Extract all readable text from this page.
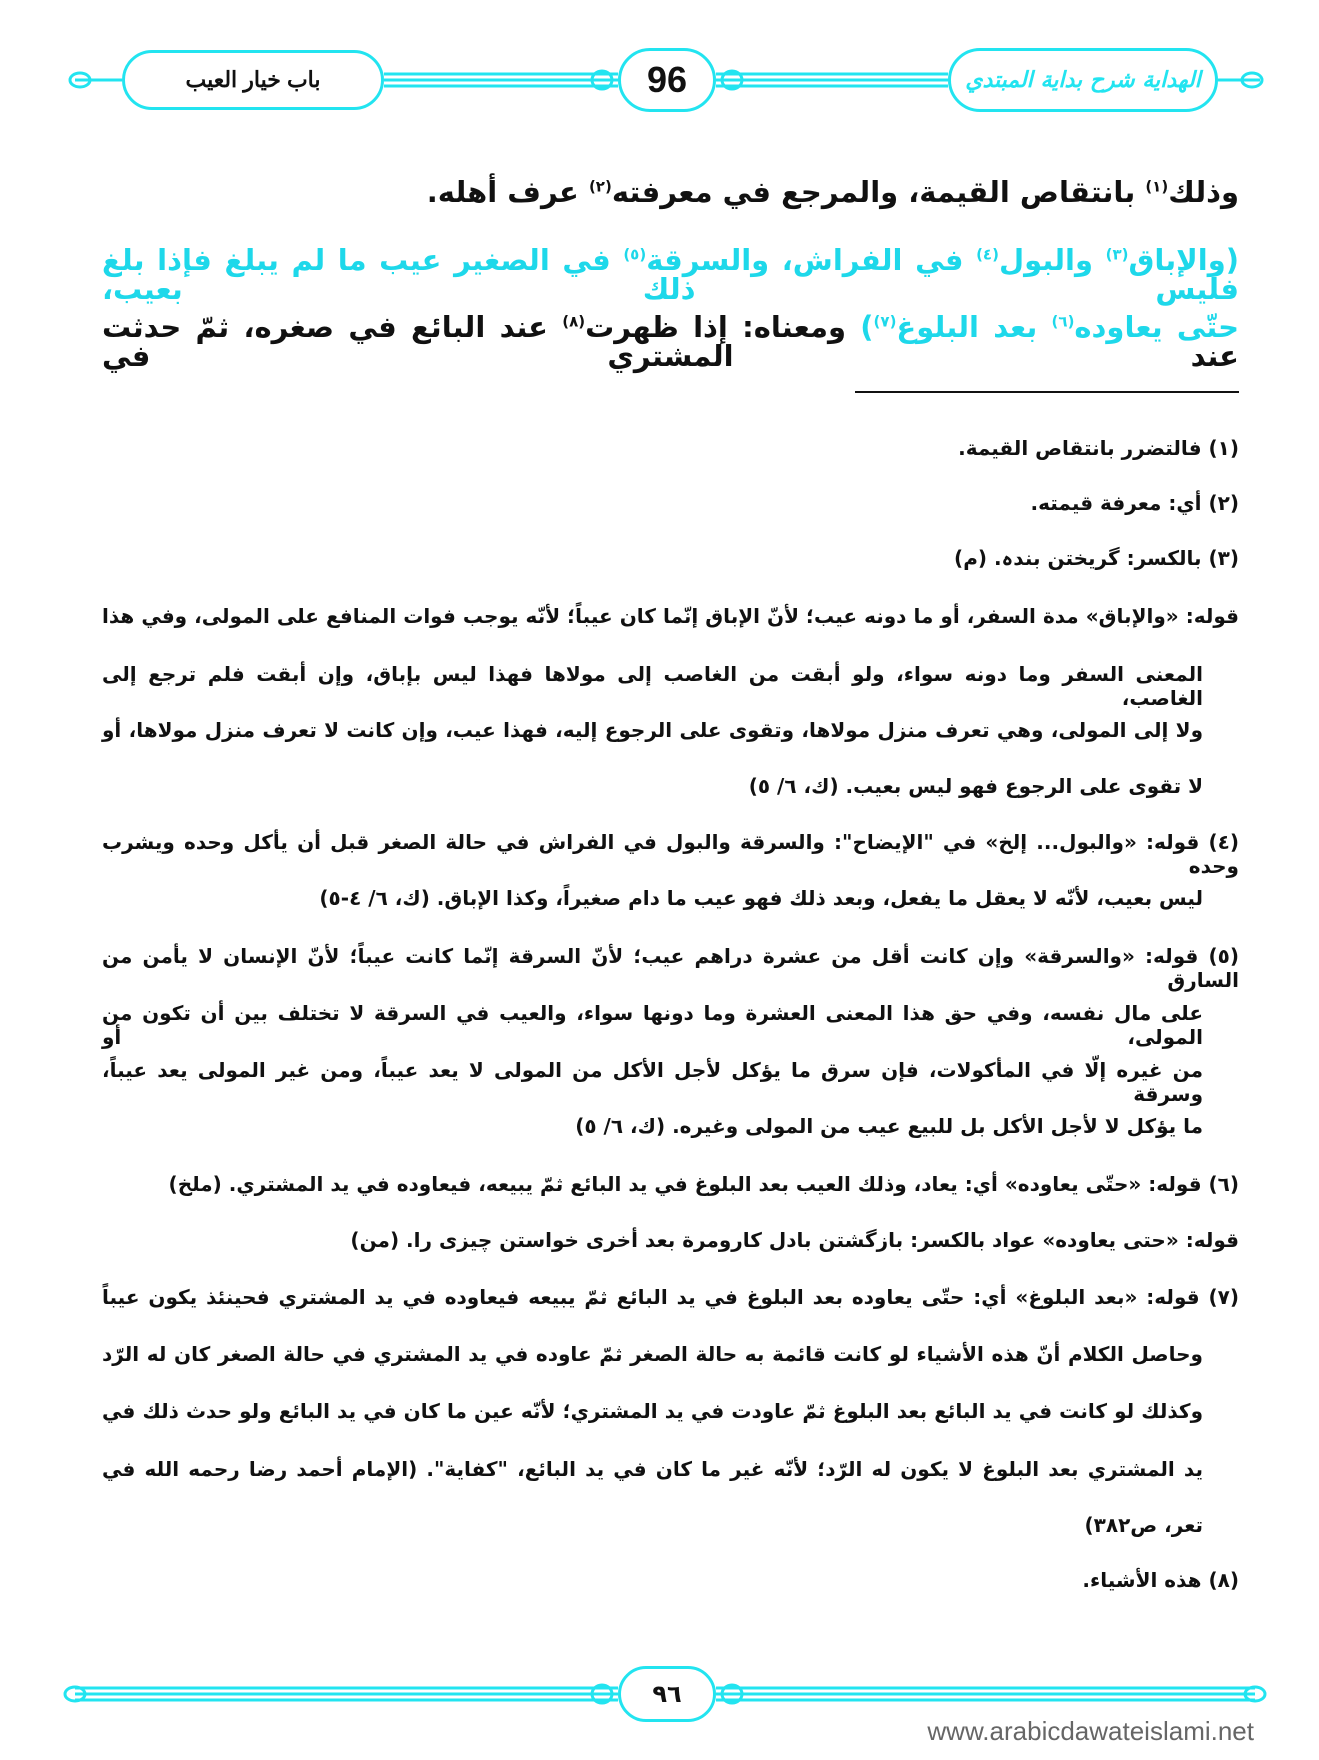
باب خيار العيب	96	الهداية شرح بداية المبتدي
وذلك$^{(١)}$ بانتقاص القيمة، والمرجع في معرفته$^{(٢)}$ عرف أهله.
(والإباق$^{(٣)}$ والبول$^{(٤)}$ في الفراش، والسرقة$^{(٥)}$ في الصغير عيب ما لم يبلغ فإذا بلغ فليس ذلك بعيب،
حتّى يعاوده$^{(٦)}$ بعد البلوغ$^{(٧)}$) ومعناه: إذا ظهرت$^{(٨)}$ عند البائع في صغره، ثمّ حدثت عند المشتري في
(١) فالتضرر بانتقاص القيمة.
(٢) أي: معرفة قيمته.
(٣) بالكسر: گريختن بندہ. (م)
قوله: «والإباق» مدة السفر، أو ما دونه عيب؛ لأنّ الإباق إنّما كان عيباً؛ لأنّه يوجب فوات المنافع على المولى، وفي هذا
المعنى السفر وما دونه سواء، ولو أبقت من الغاصب إلى مولاها فهذا ليس بإباق، وإن أبقت فلم ترجع إلى الغاصب،
ولا إلى المولى، وهي تعرف منزل مولاها، وتقوى على الرجوع إليه، فهذا عيب، وإن كانت لا تعرف منزل مولاها، أو
لا تقوى على الرجوع فهو ليس بعيب. (ك، ٦/ ٥)
(٤) قوله: «والبول... إلخ» في "الإيضاح": والسرقة والبول في الفراش في حالة الصغر قبل أن يأكل وحده ويشرب وحده
ليس بعيب، لأنّه لا يعقل ما يفعل، وبعد ذلك فهو عيب ما دام صغيراً، وكذا الإباق. (ك، ٦/ ٤-٥)
(٥) قوله: «والسرقة» وإن كانت أقل من عشرة دراهم عيب؛ لأنّ السرقة إنّما كانت عيباً؛ لأنّ الإنسان لا يأمن من السارق
على مال نفسه، وفي حق هذا المعنى العشرة وما دونها سواء، والعيب في السرقة لا تختلف بين أن تكون من المولى، أو
من غيره إلّا في المأكولات، فإن سرق ما يؤكل لأجل الأكل من المولى لا يعد عيباً، ومن غير المولى يعد عيباً، وسرقة
ما يؤكل لا لأجل الأكل بل للبيع عيب من المولى وغيره. (ك، ٦/ ٥)
(٦) قوله: «حتّى يعاوده» أي: يعاد، وذلك العيب بعد البلوغ في يد البائع ثمّ يبيعه، فيعاوده في يد المشتري. (ملخ)
قوله: «حتى يعاوده» عواد بالكسر: بازگشتن بادل کارومرة بعد أخرى خواستن چیزی را. (من)
(٧) قوله: «بعد البلوغ» أي: حتّى يعاوده بعد البلوغ في يد البائع ثمّ يبيعه فيعاوده في يد المشتري فحينئذ يكون عيباً
وحاصل الكلام أنّ هذه الأشياء لو كانت قائمة به حالة الصغر ثمّ عاوده في يد المشتري في حالة الصغر كان له الرّد
وكذلك لو كانت في يد البائع بعد البلوغ ثمّ عاودت في يد المشتري؛ لأنّه عين ما كان في يد البائع ولو حدث ذلك في
يد المشتري بعد البلوغ لا يكون له الرّد؛ لأنّه غير ما كان في يد البائع، "كفاية". (الإمام أحمد رضا رحمه الله في
تعر، ص٣٨٢)
(٨) هذه الأشياء.
٩٦
www.arabicdawateislami.net
